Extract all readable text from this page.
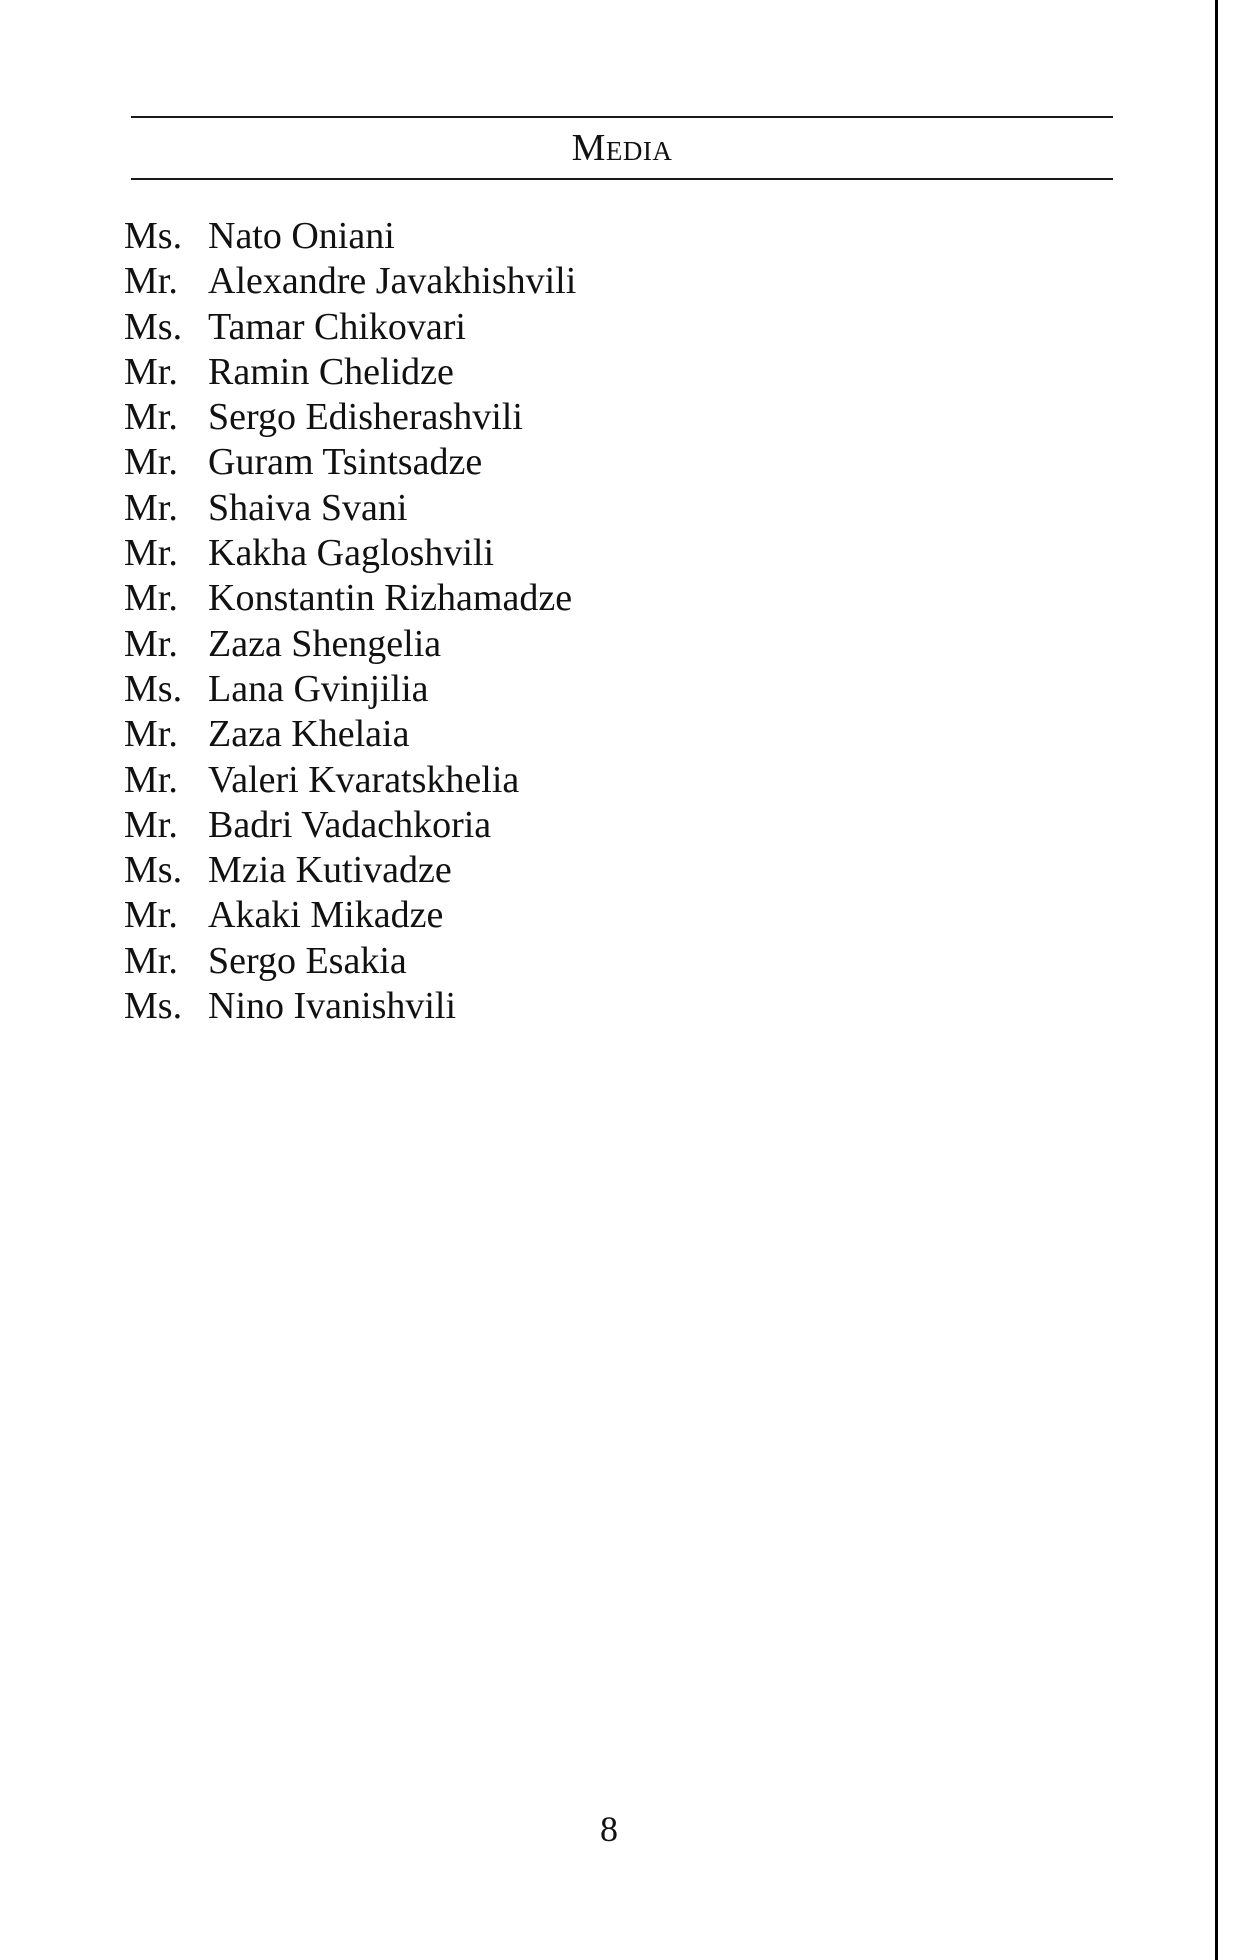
Media
Ms. Nato Oniani
Mr. Alexandre Javakhishvili
Ms. Tamar Chikovari
Mr. Ramin Chelidze
Mr. Sergo Edisherashvili
Mr. Guram Tsintsadze
Mr. Shaiva Svani
Mr. Kakha Gagloshvili
Mr. Konstantin Rizhamadze
Mr. Zaza Shengelia
Ms. Lana Gvinjilia
Mr. Zaza Khelaia
Mr. Valeri Kvaratskhelia
Mr. Badri Vadachkoria
Ms. Mzia Kutivadze
Mr. Akaki Mikadze
Mr. Sergo Esakia
Ms. Nino Ivanishvili
8
